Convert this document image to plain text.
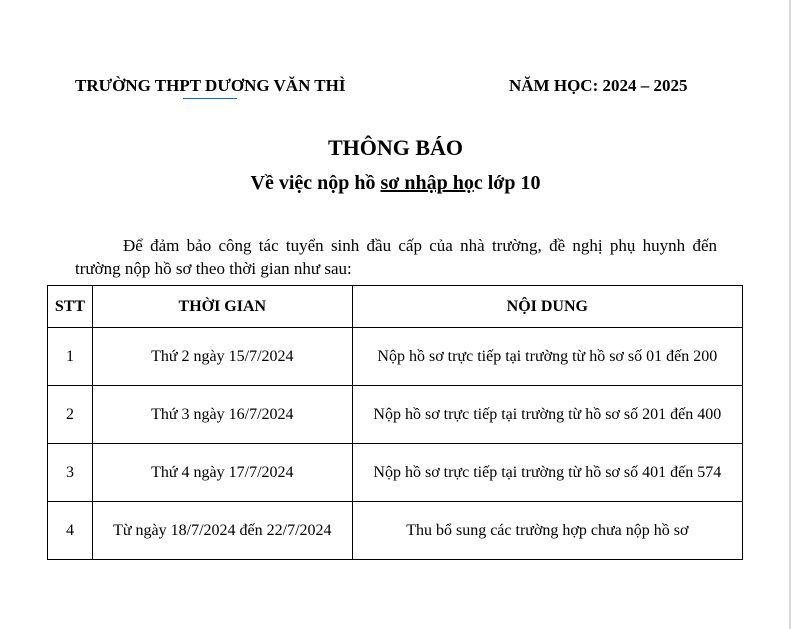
TRƯỜNG THPT DƯƠNG VĂN THÌ	NĂM HỌC: 2024 – 2025
THÔNG BÁO
Về việc nộp hồ sơ nhập học lớp 10
Để đảm bảo công tác tuyển sinh đầu cấp của nhà trường, đề nghị phụ huynh đến trường nộp hồ sơ theo thời gian như sau:
STT	THỜI GIAN	NỘI DUNG
1	Thứ 2 ngày 15/7/2024	Nộp hồ sơ trực tiếp tại trường từ hồ sơ số 01 đến 200
2	Thứ 3 ngày 16/7/2024	Nộp hồ sơ trực tiếp tại trường từ hồ sơ số 201 đến 400
3	Thứ 4 ngày 17/7/2024	Nộp hồ sơ trực tiếp tại trường từ hồ sơ số 401 đến 574
4	Từ ngày 18/7/2024 đến 22/7/2024	Thu bổ sung các trường hợp chưa nộp hồ sơ
